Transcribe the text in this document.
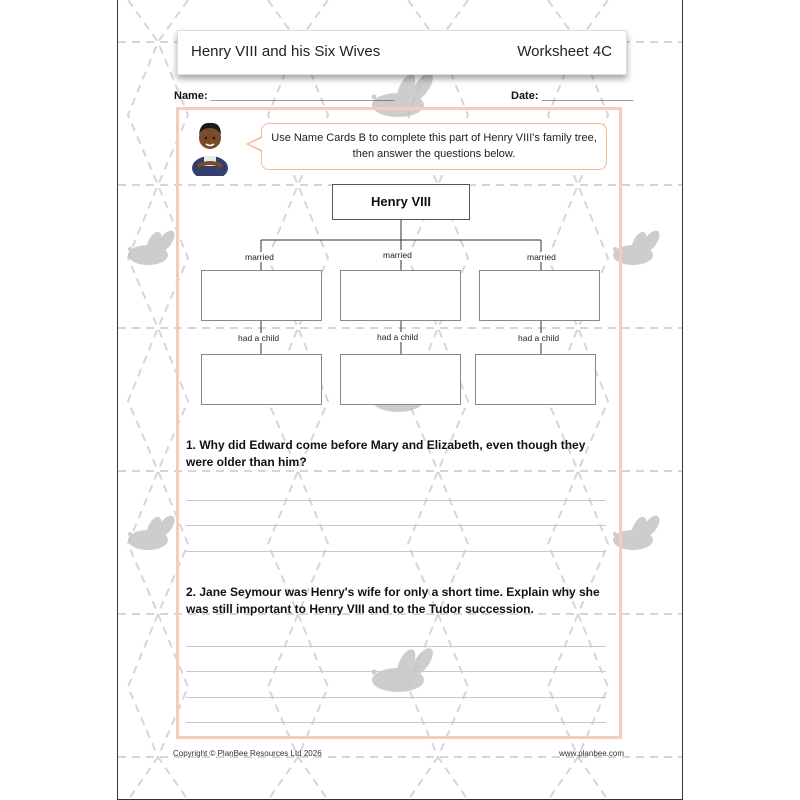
Henry VIII and his Six Wives	Worksheet 4C
Name: ______________________________	Date: _______________
Use Name Cards B to complete this part of Henry VIII's family tree, then answer the questions below.
Henry VIII
married	married	married
had a child	had a child	had a child
1. Why did Edward come before Mary and Elizabeth, even though they were older than him?
2. Jane Seymour was Henry's wife for only a short time. Explain why she was still important to Henry VIII and to the Tudor succession.
Copyright © PlanBee Resources Ltd 2026	www.planbee.com
